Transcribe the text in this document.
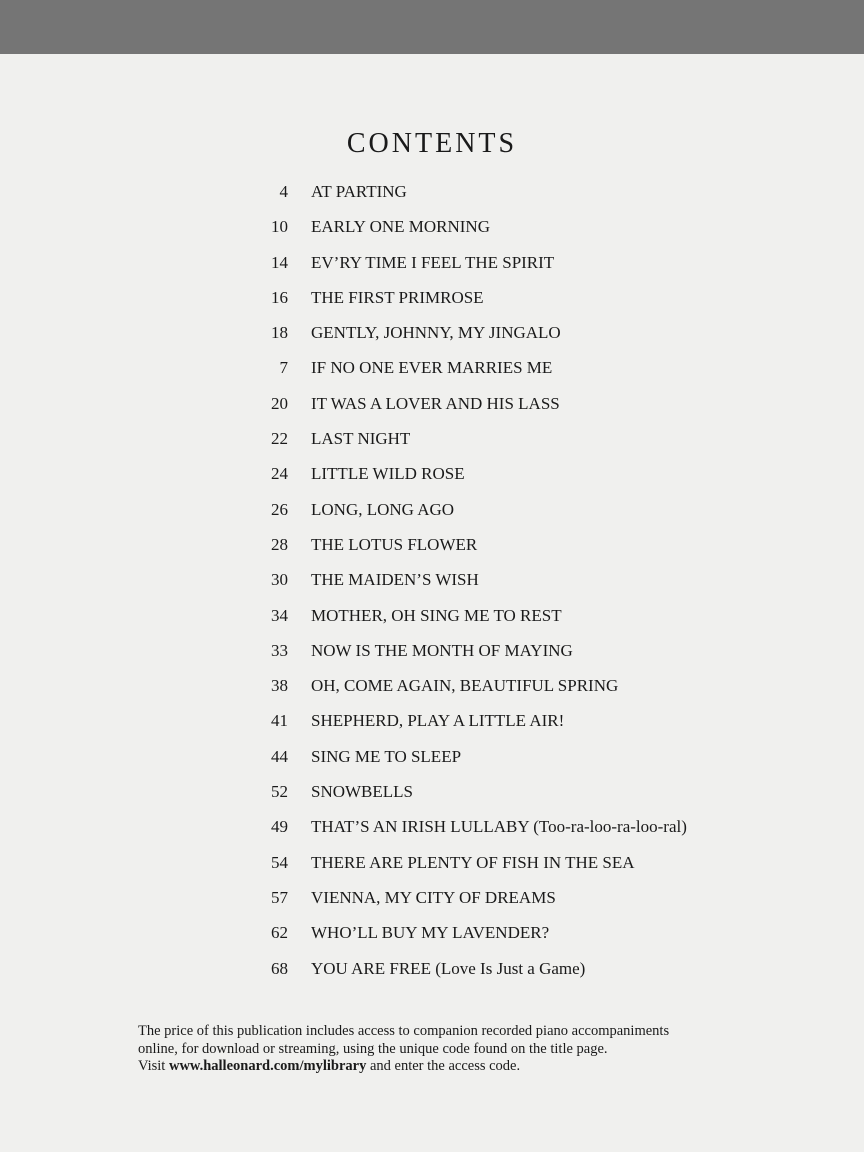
CONTENTS
4 AT PARTING
10 EARLY ONE MORNING
14 EV’RY TIME I FEEL THE SPIRIT
16 THE FIRST PRIMROSE
18 GENTLY, JOHNNY, MY JINGALO
7 IF NO ONE EVER MARRIES ME
20 IT WAS A LOVER AND HIS LASS
22 LAST NIGHT
24 LITTLE WILD ROSE
26 LONG, LONG AGO
28 THE LOTUS FLOWER
30 THE MAIDEN’S WISH
34 MOTHER, OH SING ME TO REST
33 NOW IS THE MONTH OF MAYING
38 OH, COME AGAIN, BEAUTIFUL SPRING
41 SHEPHERD, PLAY A LITTLE AIR!
44 SING ME TO SLEEP
52 SNOWBELLS
49 THAT’S AN IRISH LULLABY (Too-ra-loo-ra-loo-ral)
54 THERE ARE PLENTY OF FISH IN THE SEA
57 VIENNA, MY CITY OF DREAMS
62 WHO’LL BUY MY LAVENDER?
68 YOU ARE FREE (Love Is Just a Game)

The price of this publication includes access to companion recorded piano accompaniments

online, for download or streaming, using the unique code found on the title page.

Visit www.halleonard.com/mylibrary and enter the access code.
